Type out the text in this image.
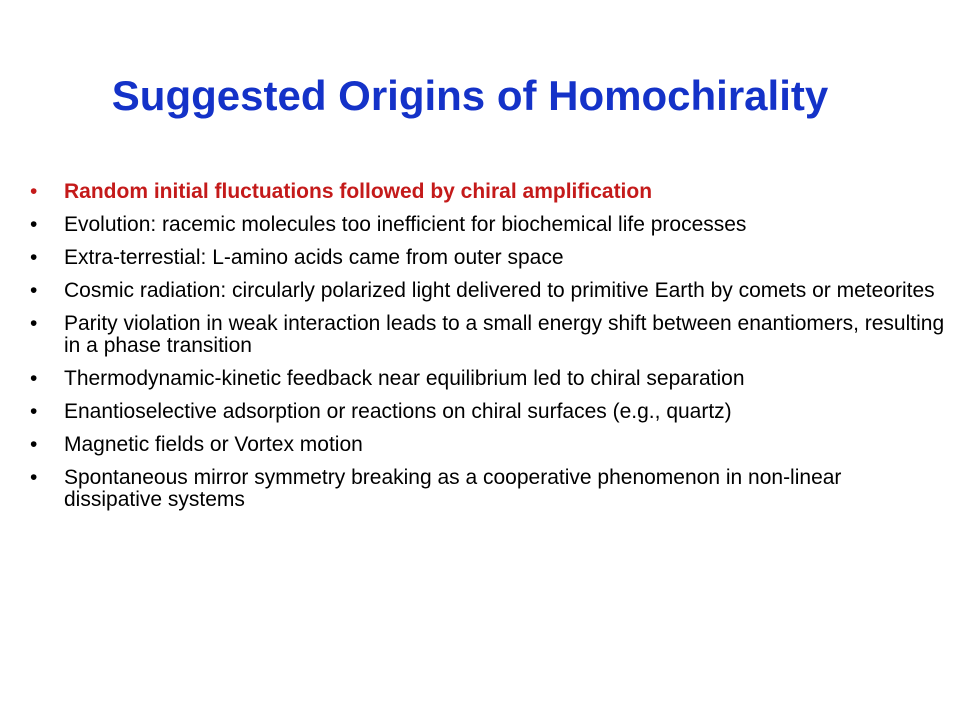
Suggested Origins of Homochirality
•	Random initial fluctuations followed by chiral amplification
•	Evolution: racemic molecules too inefficient for biochemical life processes
•	Extra-terrestial: L-amino acids came from outer space
•	Cosmic radiation: circularly polarized light delivered to primitive Earth by comets or meteorites
•	Parity violation in weak interaction leads to a small energy shift between enantiomers, resulting in a phase transition
•	Thermodynamic-kinetic feedback near equilibrium led to chiral separation
•	Enantioselective adsorption or reactions on chiral surfaces (e.g., quartz)
•	Magnetic fields or Vortex motion
•	Spontaneous mirror symmetry breaking as a cooperative phenomenon in non-linear dissipative systems
